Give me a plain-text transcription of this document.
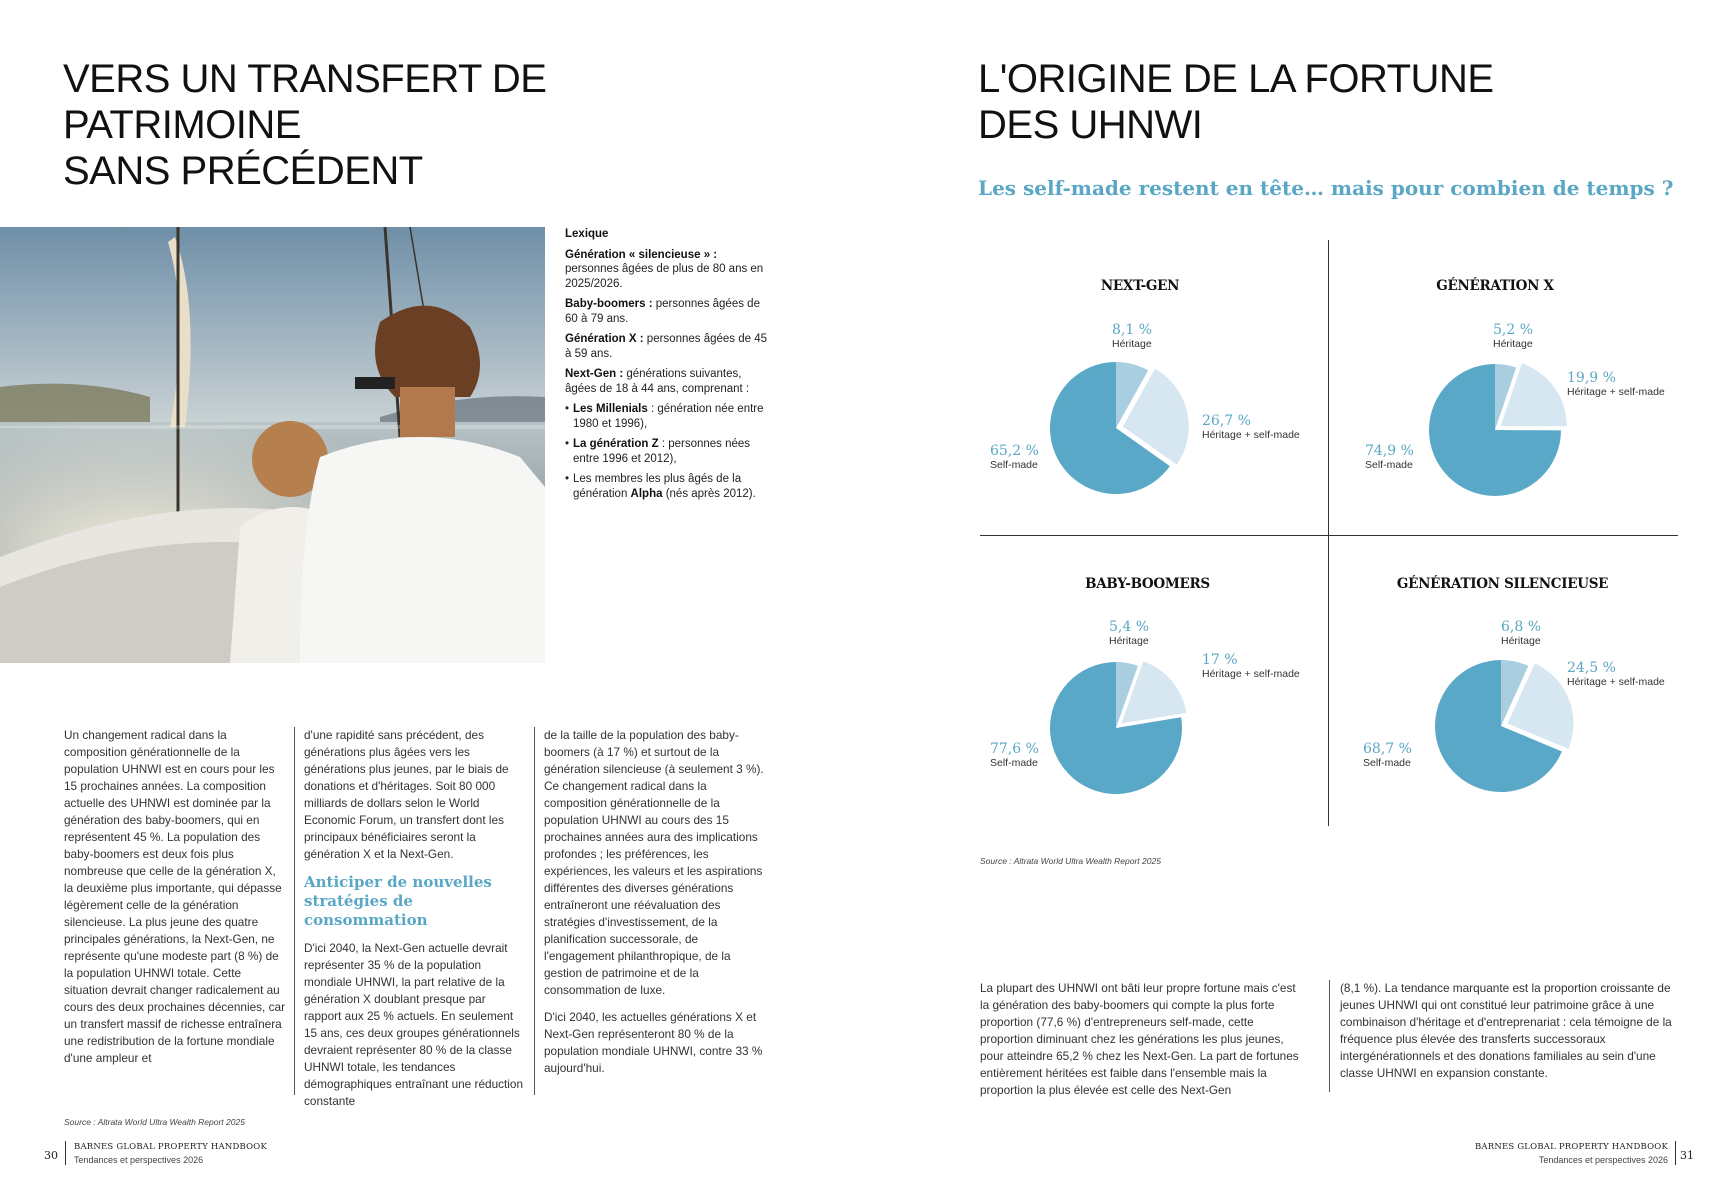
VERS UN TRANSFERT DE PATRIMOINE
SANS PRÉCÉDENT

Lexique

Génération « silencieuse » : personnes âgées de plus de 80 ans en 2025/2026.

Baby-boomers : personnes âgées de 60 à 79 ans.

Génération X : personnes âgées de 45 à 59 ans.

Next-Gen : générations suivantes, âgées de 18 à 44 ans, comprenant :

• Les Millenials : génération née entre 1980 et 1996),
• La génération Z : personnes nées entre 1996 et 2012),
• Les membres les plus âgés de la génération Alpha (nés après 2012).

Un changement radical dans la composition générationnelle de la population UHNWI est en cours pour les 15 prochaines années. La composition actuelle des UHNWI est dominée par la génération des baby-boomers, qui en représentent 45 %. La population des baby-boomers est deux fois plus nombreuse que celle de la génération X, la deuxième plus importante, qui dépasse légèrement celle de la génération silencieuse. La plus jeune des quatre principales générations, la Next-Gen, ne représente qu'une modeste part (8 %) de la population UHNWI totale. Cette situation devrait changer radicalement au cours des deux prochaines décennies, car un transfert massif de richesse entraînera une redistribution de la fortune mondiale d'une ampleur et

d'une rapidité sans précédent, des générations plus âgées vers les générations plus jeunes, par le biais de donations et d'héritages. Soit 80 000 milliards de dollars selon le World Economic Forum, un transfert dont les principaux bénéficiaires seront la génération X et la Next-Gen.

Anticiper de nouvelles stratégies de consommation

D'ici 2040, la Next-Gen actuelle devrait représenter 35 % de la population mondiale UHNWI, la part relative de la génération X doublant presque par rapport aux 25 % actuels. En seulement 15 ans, ces deux groupes générationnels devraient représenter 80 % de la classe UHNWI totale, les tendances démographiques entraînant une réduction constante

de la taille de la population des baby-boomers (à 17 %) et surtout de la génération silencieuse (à seulement 3 %). Ce changement radical dans la composition générationnelle de la population UHNWI au cours des 15 prochaines années aura des implications profondes ; les préférences, les expériences, les valeurs et les aspirations différentes des diverses générations entraîneront une réévaluation des stratégies d'investissement, de la planification successorale, de l'engagement philanthropique, de la gestion de patrimoine et de la consommation de luxe.

D'ici 2040, les actuelles générations X et Next-Gen représenteront 80 % de la population mondiale UHNWI, contre 33 % aujourd'hui.

Source : Altrata World Ultra Wealth Report 2025
30
BARNES GLOBAL PROPERTY HANDBOOK
Tendances et perspectives 2026
L'ORIGINE DE LA FORTUNE
DES UHNWI
Les self-made restent en tête… mais pour combien de temps ?
NEXT-GEN
8,1 %
Héritage
26,7 %
Héritage + self-made
65,2 %
Self-made
GÉNÉRATION X
5,2 %
Héritage
19,9 %
Héritage + self-made
74,9 %
Self-made
BABY-BOOMERS
5,4 %
Héritage
17 %
Héritage + self-made
77,6 %
Self-made
GÉNÉRATION SILENCIEUSE
6,8 %
Héritage
24,5 %
Héritage + self-made
68,7 %
Self-made
Source : Altrata World Ultra Wealth Report 2025

La plupart des UHNWI ont bâti leur propre fortune mais c'est la génération des baby-boomers qui compte la plus forte proportion (77,6 %) d'entrepreneurs self-made, cette proportion diminuant chez les générations les plus jeunes, pour atteindre 65,2 % chez les Next-Gen. La part de fortunes entièrement héritées est faible dans l'ensemble mais la proportion la plus élevée est celle des Next-Gen

(8,1 %). La tendance marquante est la proportion croissante de jeunes UHNWI qui ont constitué leur patrimoine grâce à une combinaison d'héritage et d'entreprenariat : cela témoigne de la fréquence plus élevée des transferts successoraux intergénérationnels et des donations familiales au sein d'une classe UHNWI en expansion constante.

BARNES GLOBAL PROPERTY HANDBOOK
Tendances et perspectives 2026 31
